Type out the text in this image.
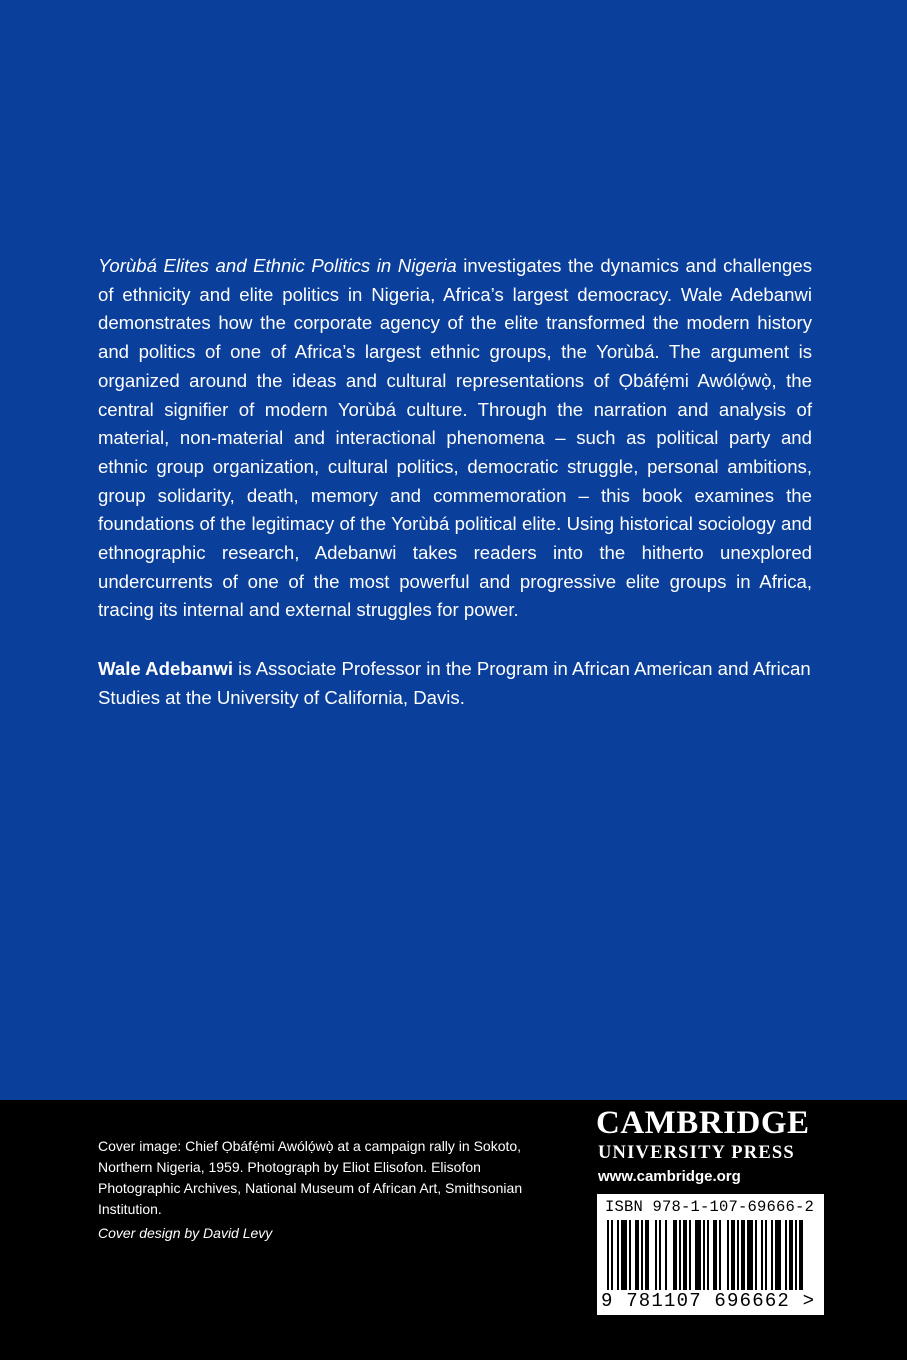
Yorùbá Elites and Ethnic Politics in Nigeria investigates the dynamics and challenges of ethnicity and elite politics in Nigeria, Africa’s largest democracy. Wale Adebanwi demonstrates how the corporate agency of the elite transformed the modern history and politics of one of Africa’s largest ethnic groups, the Yorùbá. The argument is organized around the ideas and cultural representations of Ọbáfẹ́mi Awólọ́wọ̀, the central signifier of modern Yorùbá culture. Through the narration and analysis of material, non-material and interactional phenomena – such as political party and ethnic group organization, cultural politics, democratic struggle, personal ambitions, group solidarity, death, memory and commemoration – this book examines the foundations of the legitimacy of the Yorùbá political elite. Using historical sociology and ethnographic research, Adebanwi takes readers into the hitherto unexplored undercurrents of one of the most powerful and progressive elite groups in Africa, tracing its internal and external struggles for power.

Wale Adebanwi is Associate Professor in the Program in African American and African Studies at the University of California, Davis.

Cover image: Chief Ọbáfẹ́mi Awólọ́wọ̀ at a campaign rally in Sokoto, Northern Nigeria, 1959. Photograph by Eliot Elisofon. Elisofon Photographic Archives, National Museum of African Art, Smithsonian Institution.

Cover design by David Levy

CAMBRIDGE
UNIVERSITY PRESS
www.cambridge.org
ISBN 978-1-107-69666-2
9 781107 696662 >
